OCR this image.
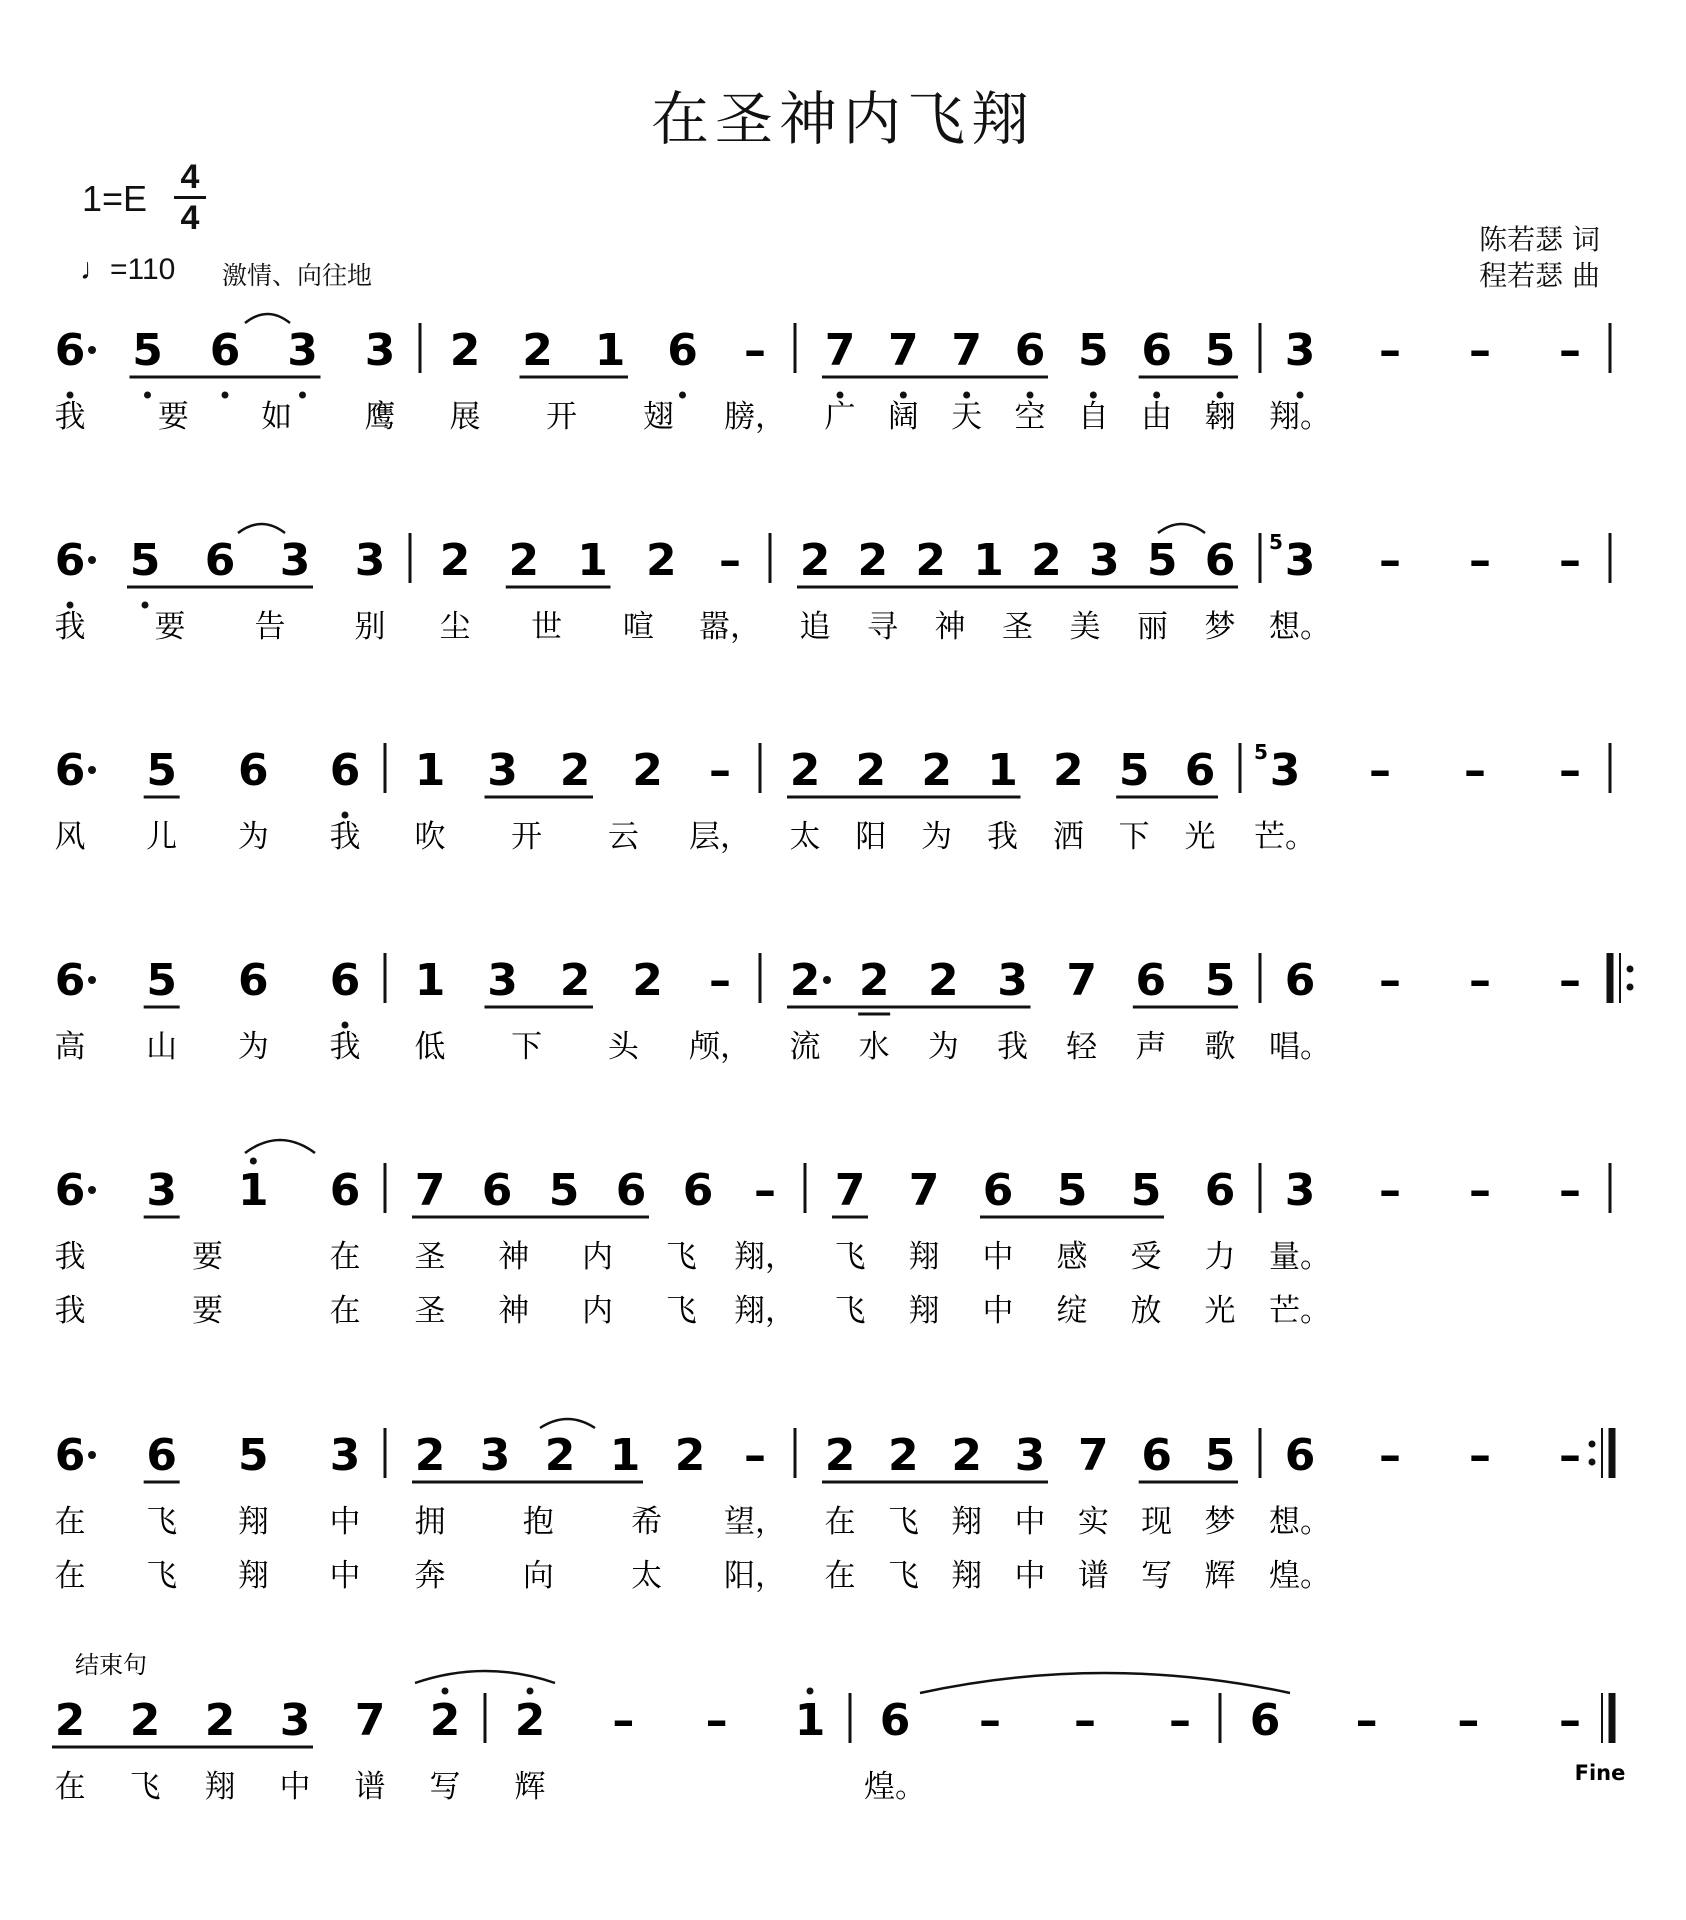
在圣神内飞翔
1=E
4
4
♩=110 激情、向往地
陈若瑟 词
程若瑟 曲
6 5 6 3 3
我 要 如 鹰
2 2 1 6 –
展 开 翅 膀，
7 7 7 6 5 6 5
广 阔 天 空 自 由 翱
3 – – –
翔。
6 5 6 3 3
我 要 告 别
2 2 1 2 –
尘 世 喧 嚣，
2 2 2 1 2 3 5 6
追 寻 神 圣 美 丽 梦
3
5 – – –
想。
6 5 6 6
风 儿 为 我
1 3 2 2 –
吹 开 云 层，
2 2 2 1 2 5 6
太 阳 为 我 洒 下 光
3
5 – – –
芒。
6 5 6 6
高 山 为 我
1 3 2 2 –
低 下 头 颅，
2 2 2 3 7 6 5
流 水 为 我 轻 声 歌
6 – – –
唱。
6 3 1 6
我	要	在
我	要	在
7 6 5 6 6 –
圣 神 内 飞 翔，
圣 神 内 飞 翔，
7 7 6 5 5 6
飞 翔 中 感 受 力
飞 翔 中 绽 放 光
3 – – –
量。
芒。
6 6 5 3
在 飞 翔 中
在 飞 翔 中
2 3 2 1 2 –
拥 抱 希 望，
奔 向 太 阳，
2 2 2 3 7 6 5
在 飞 翔 中 实 现 梦
在 飞 翔 中 谱 写 辉
6 – – –
想。
煌。
2 2 2 3 7 2
在 飞 翔 中 谱 写
2 – – 1
辉
6 – – –
煌。
6 – – –
Fine
结束句
